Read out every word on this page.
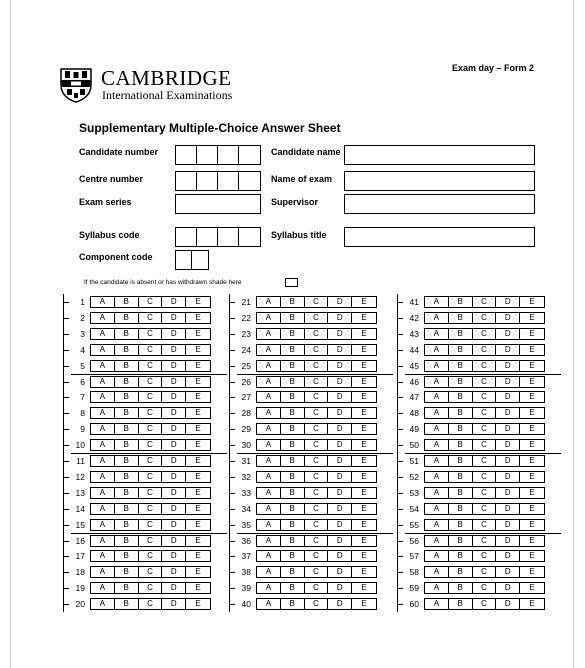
CAMBRIDGE
International Examinations
Exam day – Form 2
Supplementary Multiple-Choice Answer Sheet
Candidate number	Candidate name
Centre number	Name of exam
Exam series	Supervisor
Syllabus code	Syllabus title
Component code
If the candidate is absent or has withdrawn shade here
1	A	B	C	D	E
2	A	B	C	D	E
3	A	B	C	D	E
4	A	B	C	D	E
5	A	B	C	D	E
6	A	B	C	D	E
7	A	B	C	D	E
8	A	B	C	D	E
9	A	B	C	D	E
10	A	B	C	D	E
11	A	B	C	D	E
12	A	B	C	D	E
13	A	B	C	D	E
14	A	B	C	D	E
15	A	B	C	D	E
16	A	B	C	D	E
17	A	B	C	D	E
18	A	B	C	D	E
19	A	B	C	D	E
20	A	B	C	D	E
21	A	B	C	D	E
22	A	B	C	D	E
23	A	B	C	D	E
24	A	B	C	D	E
25	A	B	C	D	E
26	A	B	C	D	E
27	A	B	C	D	E
28	A	B	C	D	E
29	A	B	C	D	E
30	A	B	C	D	E
31	A	B	C	D	E
32	A	B	C	D	E
33	A	B	C	D	E
34	A	B	C	D	E
35	A	B	C	D	E
36	A	B	C	D	E
37	A	B	C	D	E
38	A	B	C	D	E
39	A	B	C	D	E
40	A	B	C	D	E
41	A	B	C	D	E
42	A	B	C	D	E
43	A	B	C	D	E
44	A	B	C	D	E
45	A	B	C	D	E
46	A	B	C	D	E
47	A	B	C	D	E
48	A	B	C	D	E
49	A	B	C	D	E
50	A	B	C	D	E
51	A	B	C	D	E
52	A	B	C	D	E
53	A	B	C	D	E
54	A	B	C	D	E
55	A	B	C	D	E
56	A	B	C	D	E
57	A	B	C	D	E
58	A	B	C	D	E
59	A	B	C	D	E
60	A	B	C	D	E
